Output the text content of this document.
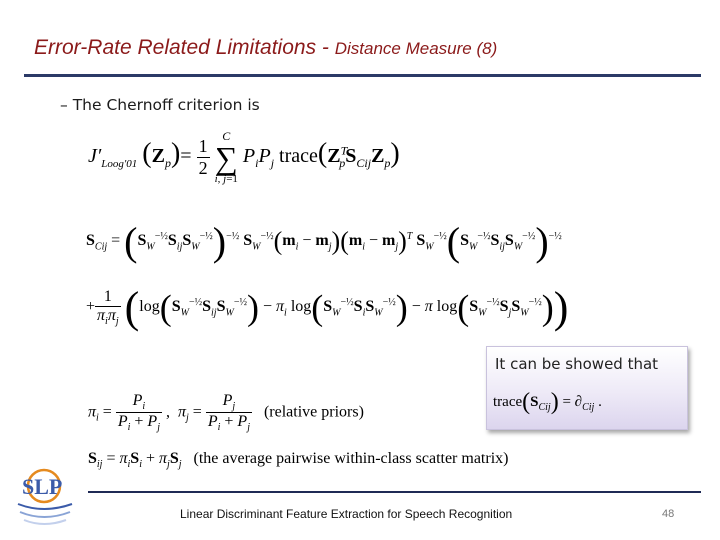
Error-Rate Related Limitations - Distance Measure (8)
– The Chernoff criterion is
$J'_{Loog'01}$ $(Z_p)= \frac{1}{2}$
	C
∑
i, j=1
$P_iP_j$ $trace(Z^T_pS_{Cij}Z_p)$
$S_{Cij} = (S_W^{-\frac{1}{2}}S_{ij}S_W^{-\frac{1}{2}})^{-\frac{1}{2}}$ $S_W^{-\frac{1}{2}}(m_i - m_j)(m_i - m_j)^T$ $S_W^{-\frac{1}{2}}(S_W^{-\frac{1}{2}}S_{ij}S_W^{-\frac{1}{2}})^{-\frac{1}{2}}$
+ $\frac{1}{\pi_i\pi_j} (\log(S_W^{-\frac{1}{2}}S_{ij}S_W^{-\frac{1}{2}}) - \pi_i$ $\log(S_W^{-\frac{1}{2}}S_iS_W^{-\frac{1}{2}}) - \pi$ $\log(S_W^{-\frac{1}{2}}S_jS_W^{-\frac{1}{2}})$)
$\pi_i = \frac{P_i}{P_i + P_j}$ ,  $\pi_j = \frac{P_j}{P_i + P_j}$ (relative priors)
$S_{ij} = \pi_iS_i + \pi_jS_j$   (the average pairwise within-class scatter matrix)
It can be showed that
$trace(S_{Cij}) = \partial_{Cij}$ .
SLP
Linear Discriminant Feature Extraction for Speech Recognition	48
